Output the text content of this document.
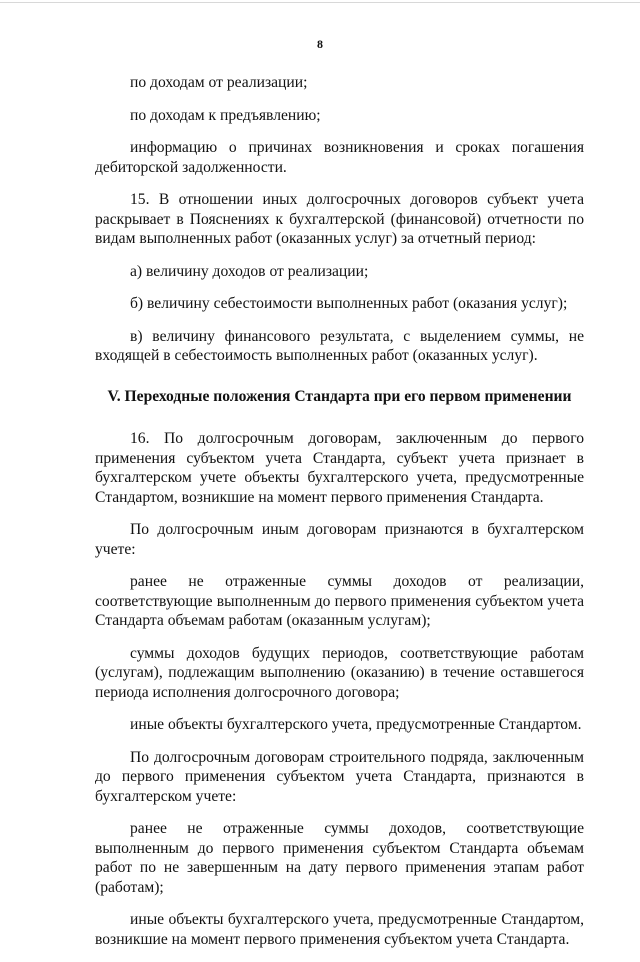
8

по доходам от реализации;

по доходам к предъявлению;

информацию о причинах возникновения и сроках погашения дебиторской задолженности.

15. В отношении иных долгосрочных договоров субъект учета раскрывает в Пояснениях к бухгалтерской (финансовой) отчетности по видам выполненных работ (оказанных услуг) за отчетный период:

а) величину доходов от реализации;

б) величину себестоимости выполненных работ (оказания услуг);

в) величину финансового результата, с выделением суммы, не входящей в себестоимость выполненных работ (оказанных услуг).

V. Переходные положения Стандарта при его первом применении

16. По долгосрочным договорам, заключенным до первого применения субъектом учета Стандарта, субъект учета признает в бухгалтерском учете объекты бухгалтерского учета, предусмотренные Стандартом, возникшие на момент первого применения Стандарта.

По долгосрочным иным договорам признаются в бухгалтерском учете:

ранее не отраженные суммы доходов от реализации, соответствующие выполненным до первого применения субъектом учета Стандарта объемам работам (оказанным услугам);

суммы доходов будущих периодов, соответствующие работам (услугам), подлежащим выполнению (оказанию) в течение оставшегося периода исполнения долгосрочного договора;

иные объекты бухгалтерского учета, предусмотренные Стандартом.

По долгосрочным договорам строительного подряда, заключенным до первого применения субъектом учета Стандарта, признаются в бухгалтерском учете:

ранее не отраженные суммы доходов, соответствующие выполненным до первого применения субъектом Стандарта объемам работ по не завершенным на дату первого применения этапам работ (работам);

иные объекты бухгалтерского учета, предусмотренные Стандартом, возникшие на момент первого применения субъектом учета Стандарта.
